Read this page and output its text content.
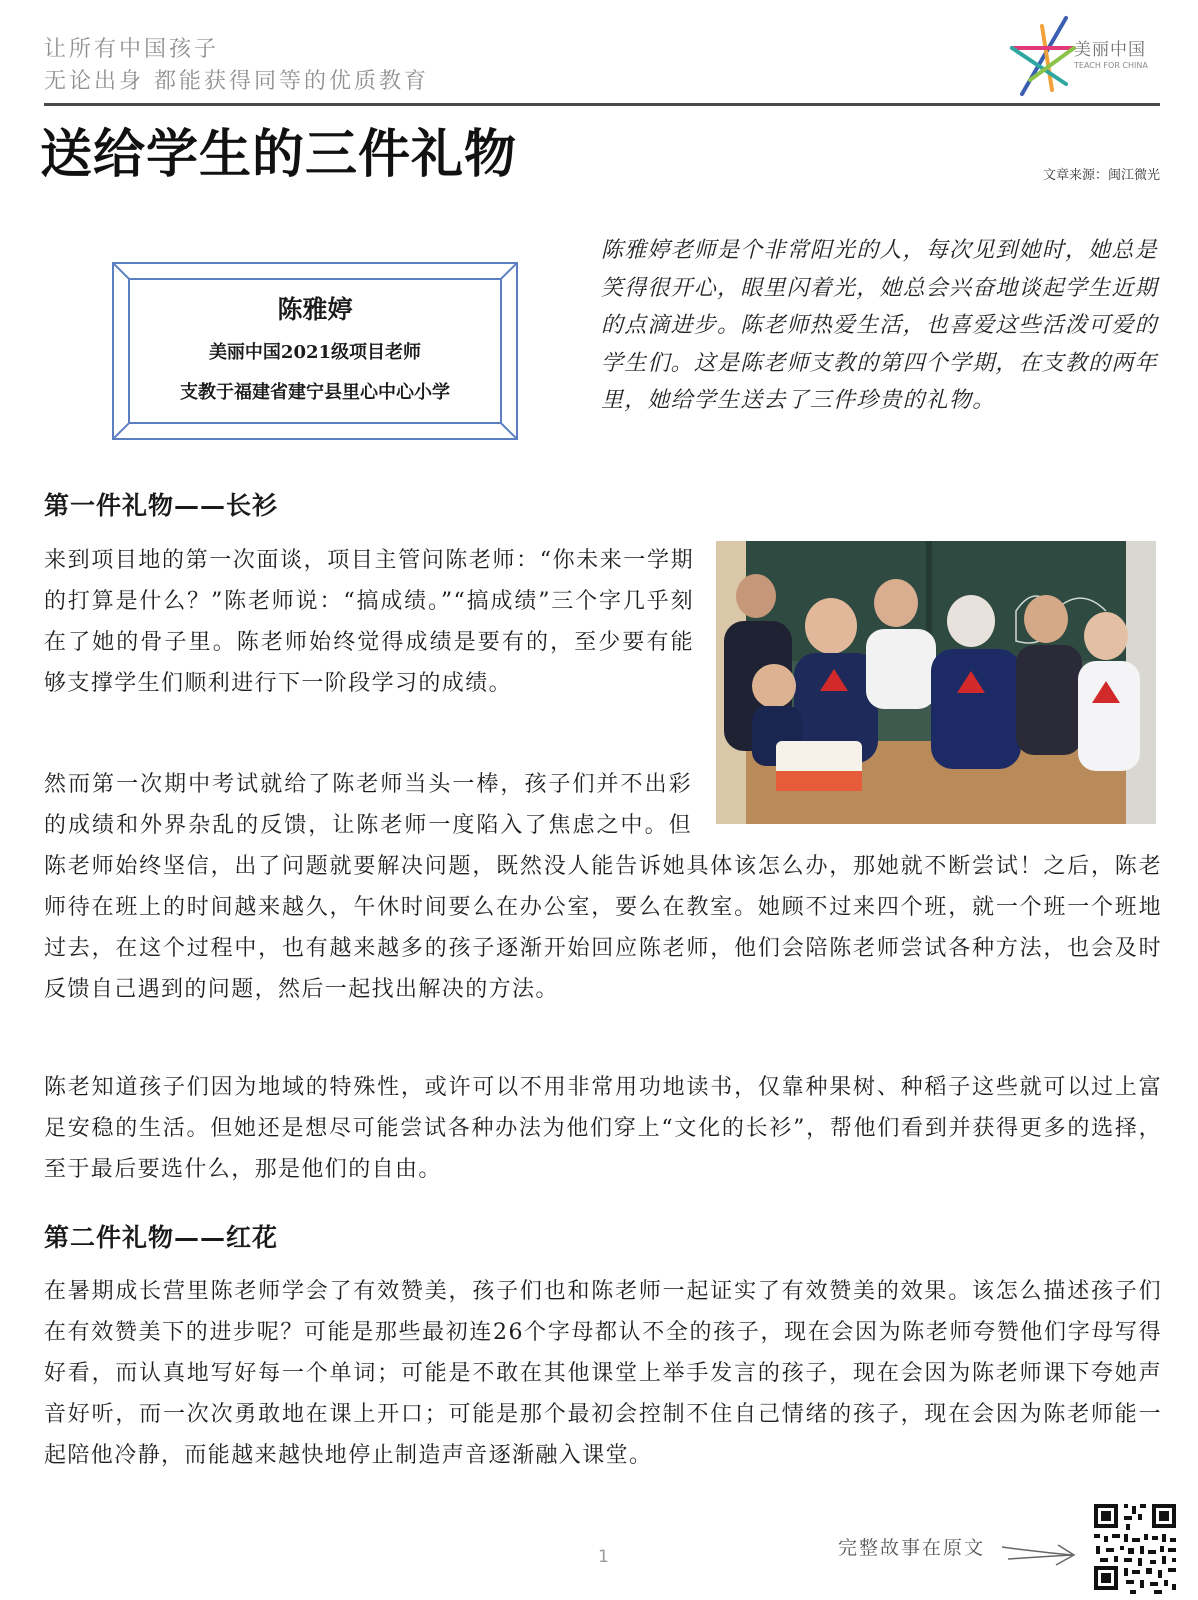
让所有中国孩子
无论出身 都能获得同等的优质教育
美丽中国
TEACH FOR CHINA
送给学生的三件礼物	文章来源：闽江微光
陈雅婷
美丽中国2021级项目老师
支教于福建省建宁县里心中心小学

陈雅婷老师是个非常阳光的人，每次见到她时，她总是笑得很开心，眼里闪着光，她总会兴奋地谈起学生近期的点滴进步。陈老师热爱生活，也喜爱这些活泼可爱的学生们。这是陈老师支教的第四个学期，在支教的两年里，她给学生送去了三件珍贵的礼物。

第一件礼物——长衫

来到项目地的第一次面谈，项目主管问陈老师：“你未来一学期的打算是什么？”陈老师说：“搞成绩。”“搞成绩”三个字几乎刻在了她的骨子里。陈老师始终觉得成绩是要有的，至少要有能够支撑学生们顺利进行下一阶段学习的成绩。

然而第一次期中考试就给了陈老师当头一棒，孩子们并不出彩的成绩和外界杂乱的反馈，让陈老师一度陷入了焦虑之中。但陈老师始终坚信，出了问题就要解决问题，既然没人能告诉她具体该怎么办，那她就不断尝试！之后，陈老师待在班上的时间越来越久，午休时间要么在办公室，要么在教室。她顾不过来四个班，就一个班一个班地过去，在这个过程中，也有越来越多的孩子逐渐开始回应陈老师，他们会陪陈老师尝试各种方法，也会及时反馈自己遇到的问题，然后一起找出解决的方法。

陈老知道孩子们因为地域的特殊性，或许可以不用非常用功地读书，仅靠种果树、种稻子这些就可以过上富足安稳的生活。但她还是想尽可能尝试各种办法为他们穿上“文化的长衫”，帮他们看到并获得更多的选择，至于最后要选什么，那是他们的自由。

第二件礼物——红花

在暑期成长营里陈老师学会了有效赞美，孩子们也和陈老师一起证实了有效赞美的效果。该怎么描述孩子们在有效赞美下的进步呢？可能是那些最初连26个字母都认不全的孩子，现在会因为陈老师夸赞他们字母写得好看，而认真地写好每一个单词；可能是不敢在其他课堂上举手发言的孩子，现在会因为陈老师课下夸她声音好听，而一次次勇敢地在课上开口；可能是那个最初会控制不住自己情绪的孩子，现在会因为陈老师能一起陪他冷静，而能越来越快地停止制造声音逐渐融入课堂。

1	完整故事在原文
